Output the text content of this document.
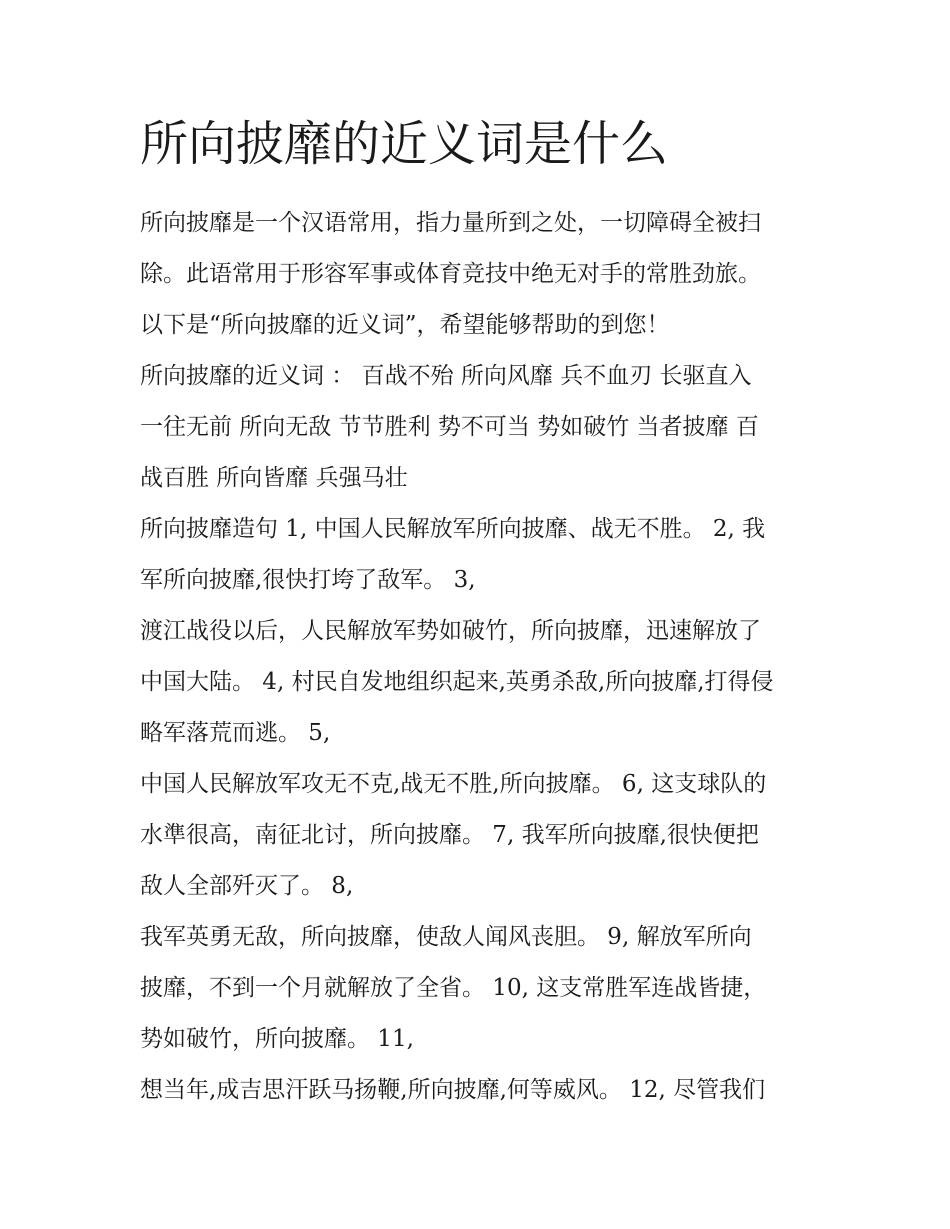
所向披靡的近义词是什么
所向披靡是一个汉语常用，指力量所到之处，一切障碍全被扫
除。此语常用于形容军事或体育竞技中绝无对手的常胜劲旅。
以下是“所向披靡的近义词”，希望能够帮助的到您！
所向披靡的近义词 ： 百战不殆 所向风靡 兵不血刃 长驱直入
一往无前 所向无敌 节节胜利 势不可当 势如破竹 当者披靡 百
战百胜 所向皆靡 兵强马壮
所向披靡造句 1, 中国人民解放军所向披靡、战无不胜。 2, 我
军所向披靡,很快打垮了敌军。 3,
渡江战役以后，人民解放军势如破竹，所向披靡，迅速解放了
中国大陆。 4, 村民自发地组织起来,英勇杀敌,所向披靡,打得侵
略军落荒而逃。 5,
中国人民解放军攻无不克,战无不胜,所向披靡。 6, 这支球队的
水準很高，南征北讨，所向披靡。 7, 我军所向披靡,很快便把
敌人全部歼灭了。 8,
我军英勇无敌，所向披靡，使敌人闻风丧胆。 9, 解放军所向
披靡，不到一个月就解放了全省。 10, 这支常胜军连战皆捷，
势如破竹，所向披靡。 11,
想当年,成吉思汗跃马扬鞭,所向披靡,何等威风。 12, 尽管我们
